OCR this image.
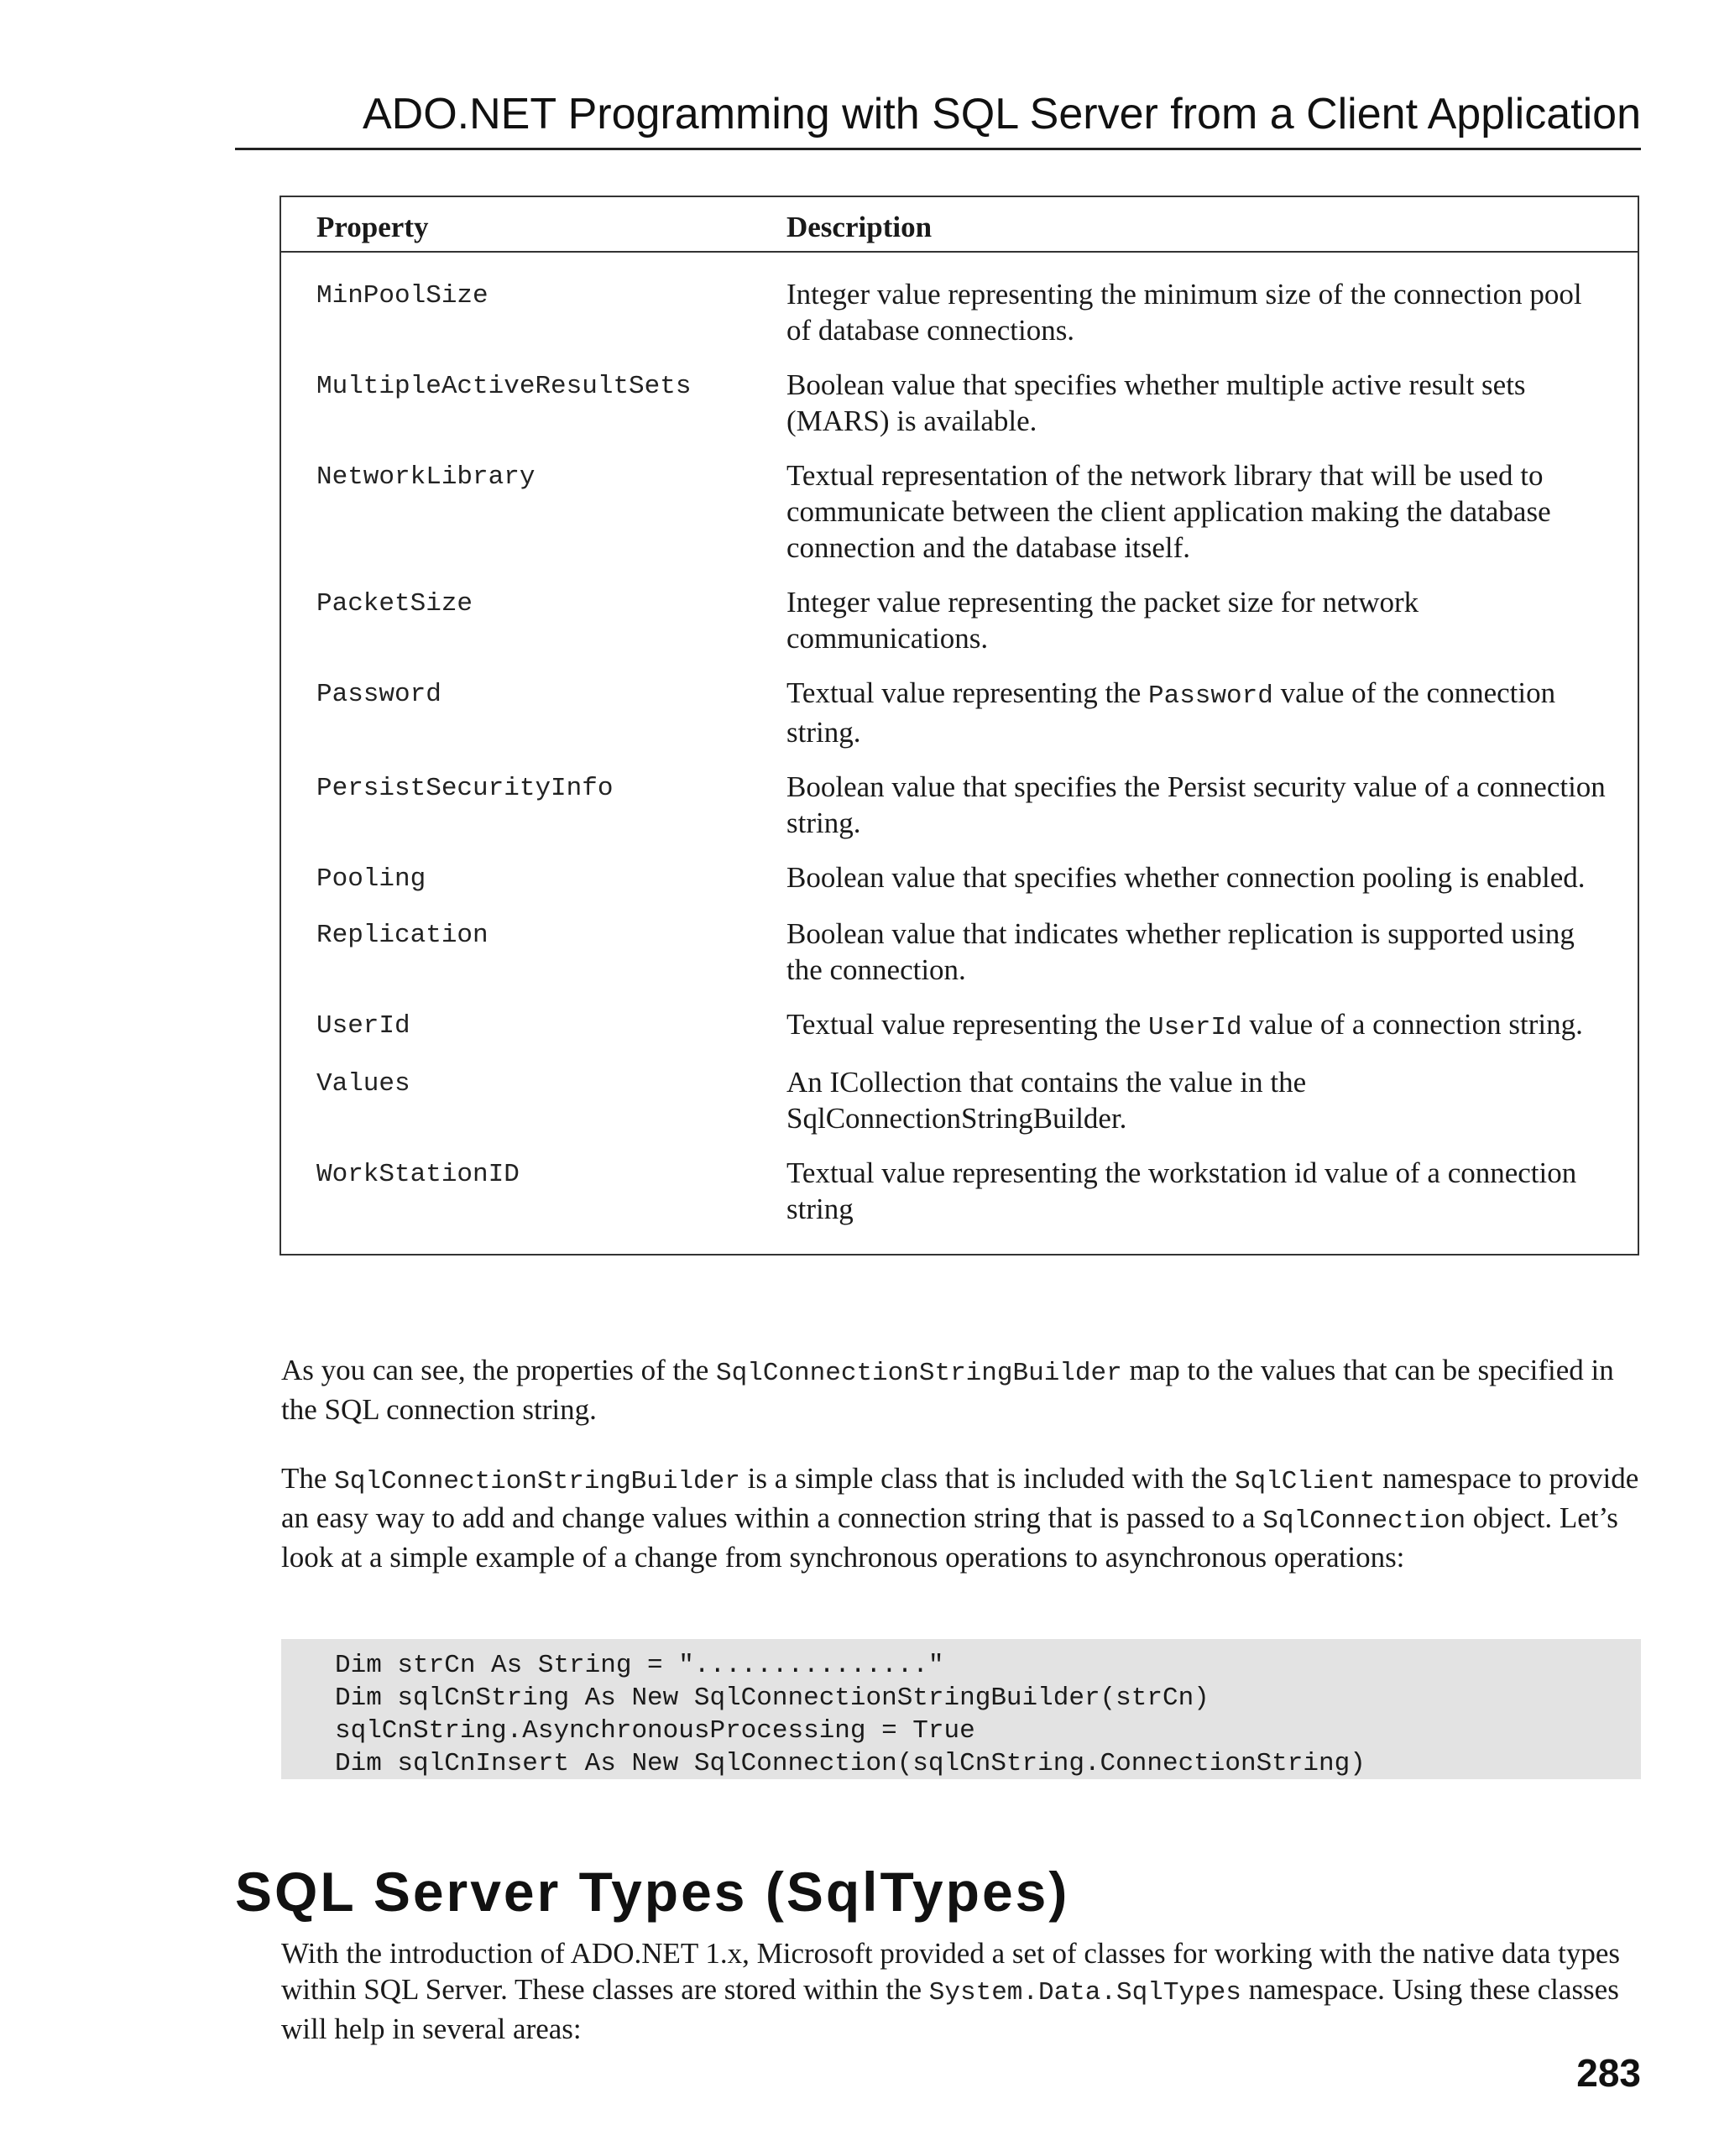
ADO.NET Programming with SQL Server from a Client Application
Property	Description
MinPoolSize	Integer value representing the minimum size of the connection pool of database connections.
MultipleActiveResultSets	Boolean value that specifies whether multiple active result sets (MARS) is available.
NetworkLibrary	Textual representation of the network library that will be used to communicate between the client application making the database connection and the database itself.
PacketSize	Integer value representing the packet size for network communications.
Password	Textual value representing the Password value of the connection string.
PersistSecurityInfo	Boolean value that specifies the Persist security value of a connection string.
Pooling	Boolean value that specifies whether connection pooling is enabled.
Replication	Boolean value that indicates whether replication is supported using the connection.
UserId	Textual value representing the UserId value of a connection string.
Values	An ICollection that contains the value in the SqlConnectionStringBuilder.
WorkStationID	Textual value representing the workstation id value of a connection string

As you can see, the properties of the SqlConnectionStringBuilder map to the values that can be specified in the SQL connection string.

The SqlConnectionStringBuilder is a simple class that is included with the SqlClient namespace to provide an easy way to add and change values within a connection string that is passed to a SqlConnection object. Let’s look at a simple example of a change from synchronous operations to asynchronous operations:

Dim strCn As String = "..............."
Dim sqlCnString As New SqlConnectionStringBuilder(strCn)
sqlCnString.AsynchronousProcessing = True
Dim sqlCnInsert As New SqlConnection(sqlCnString.ConnectionString)
SQL Server Types (SqlTypes)

With the introduction of ADO.NET 1.x, Microsoft provided a set of classes for working with the native data types within SQL Server. These classes are stored within the System.Data.SqlTypes namespace. Using these classes will help in several areas:

283
